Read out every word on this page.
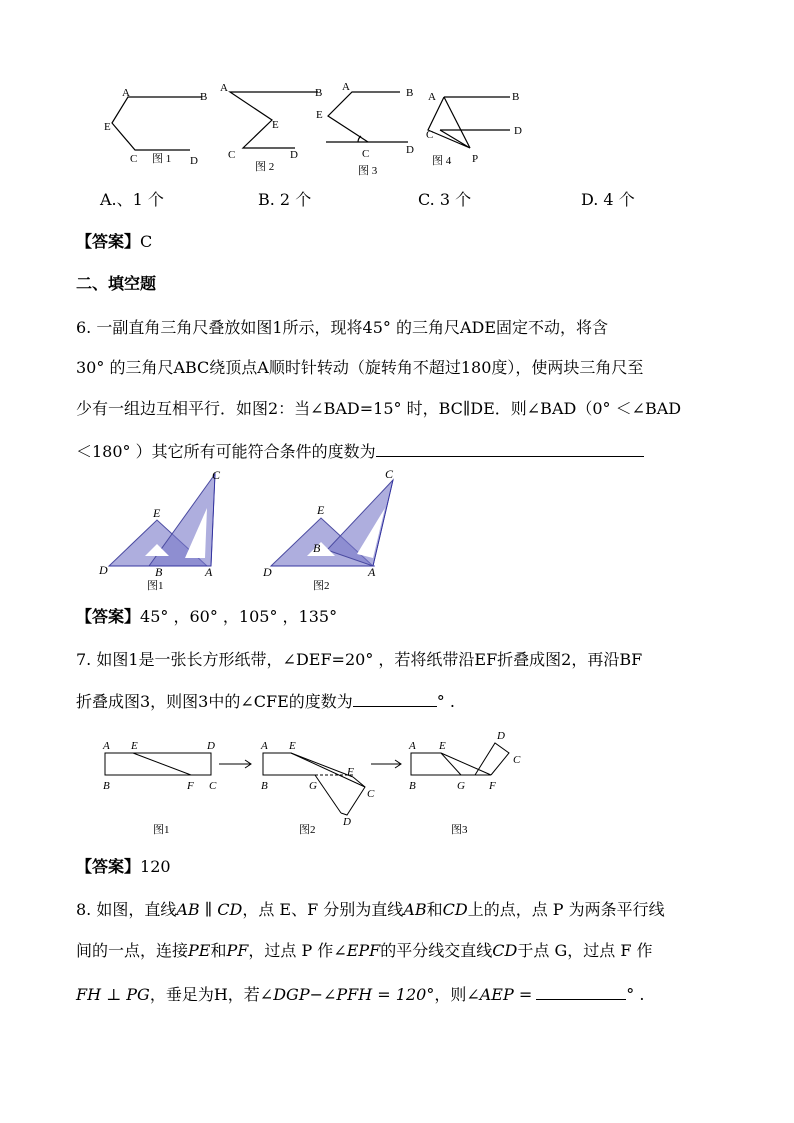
A	B
E
C	D
A	B
E
C	D
A	B
E
C	D
A	B
C	D
P
图 1
图 2	图 3
图 4
A.、1 个	B. 2 个	C. 3 个	D. 4 个
【答案】C
二、填空题
6. 一副直角三角尺叠放如图1所示，现将45° 的三角尺ADE固定不动，将含
30° 的三角尺ABC绕顶点A顺时针转动（旋转角不超过180度），使两块三角尺至
少有一组边互相平行．如图2：当∠BAD=15° 时，BC∥DE．则∠BAD（0° ＜∠BAD
＜180° ）其它所有可能符合条件的度数为
E
C
D	B	A
E
C
D
B
A
图1	图2
【答案】45° ，60° ，105° ，135°
7. 如图1是一张长方形纸带，∠DEF=20° ，若将纸带沿EF折叠成图2，再沿BF
折叠成图3，则图3中的∠CFE的度数为	° .
A E	D
B	F C
A E
F
B	G
C
D
A E
D
C
B	G F
图1	图2	图3
【答案】120
8. 如图，直线AB ∥ CD，点 E、F 分别为直线AB和CD上的点，点 P 为两条平行线
间的一点，连接PE和PF，过点 P 作∠EPF的平分线交直线CD于点 G，过点 F 作
FH ⊥ PG，垂足为H，若∠DGP−∠PFH = 120°，则∠AEP =	° .
